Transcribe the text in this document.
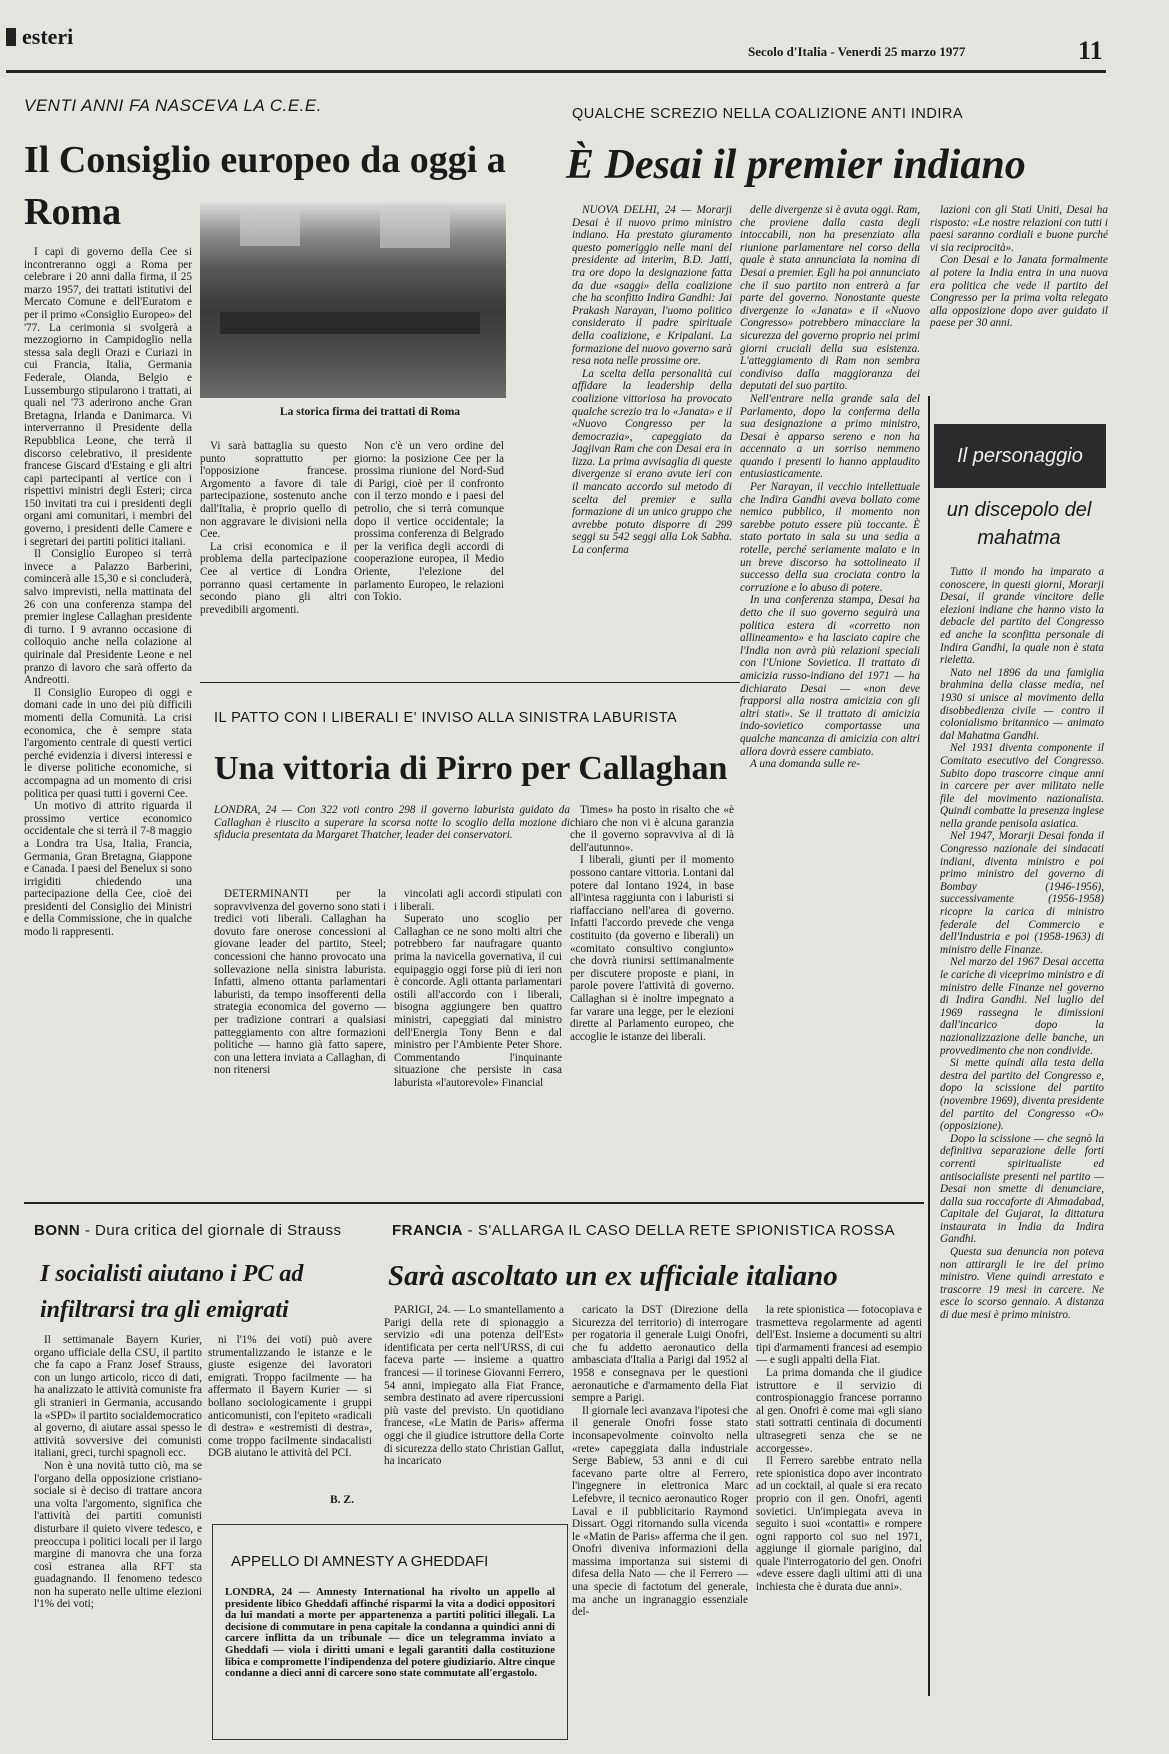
esteri
Secolo d'Italia - Venerdi 25 marzo 1977	11
VENTI ANNI FA NASCEVA LA C.E.E.
Il Consiglio europeo da oggi a Roma
La storica firma dei trattati di Roma

I capi di governo della Cee si incontreranno oggi a Roma per celebrare i 20 anni dalla firma, il 25 marzo 1957, dei trattati istitutivi del Mercato Comune e dell'Euratom e per il primo «Consiglio Europeo» del '77. La cerimonia si svolgerà a mezzogiorno in Campidoglio nella stessa sala degli Orazi e Curiazi in cui Francia, Italia, Germania Federale, Olanda, Belgio e Lussemburgo stipularono i trattati, ai quali nel '73 aderirono anche Gran Bretagna, Irlanda e Danimarca. Vi interverranno il Presidente della Repubblica Leone, che terrà il discorso celebrativo, il presidente francese Giscard d'Estaing e gli altri capi partecipanti al vertice con i rispettivi ministri degli Esteri; circa 150 invitati tra cui i presidenti degli organi ami comunitari, i membri del governo, i presidenti delle Camere e i segretari dei partiti politici italiani.

Il Consiglio Europeo si terrà invece a Palazzo Barberini, comincerà alle 15,30 e si concluderà, salvo imprevisti, nella mattinata del 26 con una conferenza stampa del premier inglese Callaghan presidente di turno. I 9 avranno occasione di colloquio anche nella colazione al quirinale dal Presidente Leone e nel pranzo di lavoro che sarà offerto da Andreotti.

Il Consiglio Europeo di oggi e domani cade in uno dei più difficili momenti della Comunità. La crisi economica, che è sempre stata l'argomento centrale di questi vertici perché evidenzia i diversi interessi e le diverse politiche economiche, si accompagna ad un momento di crisi politica per quasi tutti i governi Cee.

Un motivo di attrito riguarda il prossimo vertice economico occidentale che si terrà il 7-8 maggio a Londra tra Usa, Italia, Francia, Germania, Gran Bretagna, Giappone e Canada. I paesi del Benelux si sono irrigiditi chiedendo una partecipazione della Cee, cioè dei presidenti del Consiglio dei Ministri e della Commissione, che in qualche modo li rappresenti.

Vi sarà battaglia su questo punto soprattutto per l'opposizione francese. Argomento a favore di tale partecipazione, sostenuto anche dall'Italia, è proprio quello di non aggravare le divisioni nella Cee.

La crisi economica e il problema della partecipazione Cee al vertice di Londra porranno quasi certamente in secondo piano gli altri prevedibili argomenti.

Non c'è un vero ordine del giorno: la posizione Cee per la prossima riunione del Nord-Sud di Parigi, cioè per il confronto con il terzo mondo e i paesi del petrolio, che si terrà comunque dopo il vertice occidentale; la prossima conferenza di Belgrado per la verifica degli accordi di cooperazione europea, il Medio Oriente, l'elezione del parlamento Europeo, le relazioni con Tokio.

QUALCHE SCREZIO NELLA COALIZIONE ANTI INDIRA
È Desai il premier indiano

NUOVA DELHI, 24 — Morarji Desai è il nuovo primo ministro indiano. Ha prestato giuramento questo pomeriggio nelle mani del presidente ad interim, B.D. Jatti, tra ore dopo la designazione fatta da due «saggi» della coalizione che ha sconfitto Indira Gandhi: Jai Prakash Narayan, l'uomo politico considerato il padre spirituale della coalizione, e Kripalani. La formazione del nuovo governo sarà resa nota nelle prossime ore.

La scelta della personalità cui affidare la leadership della coalizione vittoriosa ha provocato qualche screzio tra lo «Janata» e il «Nuovo Congresso per la democrazia», capeggiato da Jagjivan Ram che con Desai era in lizza. La prima avvisaglia di queste divergenze si erano avute ieri con il mancato accordo sul metodo di scelta del premier e sulla formazione di un unico gruppo che avrebbe potuto disporre di 299 seggi su 542 seggi alla Lok Sabha. La conferma

delle divergenze si è avuta oggi. Ram, che proviene dalla casta degli intoccabili, non ha presenziato alla riunione parlamentare nel corso della quale è stata annunciata la nomina di Desai a premier. Egli ha poi annunciato che il suo partito non entrerà a far parte del governo. Nonostante queste divergenze lo «Janata» e il «Nuovo Congresso» potrebbero minacciare la sicurezza del governo proprio nei primi giorni cruciali della sua esistenza. L'atteggiamento di Ram non sembra condiviso dalla maggioranza dei deputati del suo partito.

Nell'entrare nella grande sala del Parlamento, dopo la conferma della sua designazione a primo ministro, Desai è apparso sereno e non ha accennato a un sorriso nemmeno quando i presenti lo hanno applaudito entusiasticamente.

Per Narayan, il vecchio intellettuale che Indira Gandhi aveva bollato come nemico pubblico, il momento non sarebbe potuto essere più toccante. È stato portato in sala su una sedia a rotelle, perché seriamente malato e in un breve discorso ha sottolineato il successo della sua crociata contro la corruzione e lo abuso di potere.

In una conferenza stampa, Desai ha detto che il suo governo seguirà una politica estera di «corretto non allineamento» e ha lasciato capire che l'India non avrà più relazioni speciali con l'Unione Sovietica. Il trattato di amicizia russo-indiano del 1971 — ha dichiarato Desai — «non deve frapporsi alla nostra amicizia con gli altri stati». Se il trattato di amicizia indo-sovietico comportasse una qualche mancanza di amicizia con altri allora dovrà essere cambiato.

A una domanda sulle re-

lazioni con gli Stati Uniti, Desai ha risposto: «Le nostre relazioni con tutti i paesi saranno cordiali e buone purché vi sia reciprocità».

Con Desai e lo Janata formalmente al potere la India entra in una nuova era politica che vede il partito del Congresso per la prima volta relegato alla opposizione dopo aver guidato il paese per 30 anni.

Il personaggio
un discepolo del mahatma

Tutto il mondo ha imparato a conoscere, in questi giorni, Morarji Desai, il grande vincitore delle elezioni indiane che hanno visto la debacle del partito del Congresso ed anche la sconfitta personale di Indira Gandhi, la quale non è stata rieletta.

Nato nel 1896 da una famiglia brahmina della classe media, nel 1930 si unisce al movimento della disobbedienza civile — contro il colonialismo britannico — animato dal Mahatma Gandhi.

Nel 1931 diventa componente il Comitato esecutivo del Congresso. Subito dopo trascorre cinque anni in carcere per aver militato nelle file del movimento nazionalista. Quindi combatte la presenza inglese nella grande penisola asiatica.

Nel 1947, Morarji Desai fonda il Congresso nazionale dei sindacati indiani, diventa ministro e poi primo ministro del governo di Bombay (1946-1956), successivamente (1956-1958) ricopre la carica di ministro federale del Commercio e dell'Industria e poi (1958-1963) di ministro delle Finanze.

Nel marzo del 1967 Desai accetta le cariche di viceprimo ministro e di ministro delle Finanze nel governo di Indira Gandhi. Nel luglio del 1969 rassegna le dimissioni dall'incarico dopo la nazionalizzazione delle banche, un provvedimento che non condivide.

Si mette quindi alla testa della destra del partito del Congresso e, dopo la scissione del partito (novembre 1969), diventa presidente del partito del Congresso «O» (opposizione).

Dopo la scissione — che segnò la definitiva separazione delle forti correnti spiritualiste ed antisocialiste presenti nel partito — Desai non smette di denunciare, dalla sua roccaforte di Ahmadabad, Capitale del Gujarat, la dittatura instaurata in India da Indira Gandhi.

Questa sua denuncia non poteva non attirargli le ire del primo ministro. Viene quindi arrestato e trascorre 19 mesi in carcere. Ne esce lo scorso gennaio. A distanza di due mesi è primo ministro.

IL PATTO CON I LIBERALI E' INVISO ALLA SINISTRA LABURISTA
Una vittoria di Pirro per Callaghan
LONDRA, 24 — Con 322 voti contro 298 il governo laburista guidato da Callaghan è riuscito a superare la scorsa notte lo scoglio della mozione di sfiducia presentata da Margaret Thatcher, leader dei conservatori.

DETERMINANTI per la sopravvivenza del governo sono stati i tredici voti liberali. Callaghan ha dovuto fare onerose concessioni al giovane leader del partito, Steel; concessioni che hanno provocato una sollevazione nella sinistra laburista. Infatti, almeno ottanta parlamentari laburisti, da tempo insofferenti della strategia economica del governo — per tradizione contrari a qualsiasi patteggiamento con altre formazioni politiche — hanno già fatto sapere, con una lettera inviata a Callaghan, di non ritenersi

vincolati agli accordi stipulati con i liberali.

Superato uno scoglio per Callaghan ce ne sono molti altri che potrebbero far naufragare quanto prima la navicella governativa, il cui equipaggio oggi forse più di ieri non è concorde. Agli ottanta parlamentari ostili all'accordo con i liberali, bisogna aggiungere ben quattro ministri, capeggiati dal ministro dell'Energia Tony Benn e dal ministro per l'Ambiente Peter Shore. Commentando l'inquinante situazione che persiste in casa laburista «l'autorevole» Financial

Times» ha posto in risalto che «è chiaro che non vi è alcuna garanzia che il governo sopravviva al di là dell'autunno».

I liberali, giunti per il momento possono cantare vittoria. Lontani dal potere dal lontano 1924, in base all'intesa raggiunta con i laburisti si riaffacciano nell'area di governo. Infatti l'accordo prevede che venga costituito (da governo e liberali) un «comitato consultivo congiunto» che dovrà riunirsi settimanalmente per discutere proposte e piani, in parole povere l'attività di governo. Callaghan si è inoltre impegnato a far varare una legge, per le elezioni dirette al Parlamento europeo, che accoglie le istanze dei liberali.

BONN - Dura critica del giornale di Strauss
I socialisti aiutano i PC ad infiltrarsi tra gli emigrati

Il settimanale Bayern Kurier, organo ufficiale della CSU, il partito che fa capo a Franz Josef Strauss, con un lungo articolo, ricco di dati, ha analizzato le attività comuniste fra gli stranieri in Germania, accusando la «SPD» il partito socialdemocratico al governo, di aiutare assai spesso le attività sovversive dei comunisti italiani, greci, turchi spagnoli ecc.

Non è una novità tutto ciò, ma se l'organo della opposizione cristiano-sociale si è deciso di trattare ancora una volta l'argomento, significa che l'attività dei partiti comunisti disturbare il quieto vivere tedesco, e preoccupa i politici locali per il largo margine di manovra che una forza così estranea alla RFT sta guadagnando. Il fenomeno tedesco non ha superato nelle ultime elezioni l'1% dei voti;

ni l'1% dei voti) può avere strumentalizzando le istanze e le giuste esigenze dei lavoratori emigrati. Troppo facilmente — ha affermato il Bayern Kurier — si bollano sociologicamente i gruppi anticomunisti, con l'epiteto «radicali di destra» e «estremisti di destra», come troppo facilmente sindacalisti DGB aiutano le attività del PCI.

B. Z.
APPELLO DI AMNESTY A GHEDDAFI
LONDRA, 24 — Amnesty International ha rivolto un appello al presidente libico Gheddafi affinché risparmi la vita a dodici oppositori da lui mandati a morte per appartenenza a partiti politici illegali. La decisione di commutare in pena capitale la condanna a quindici anni di carcere inflitta da un tribunale — dice un telegramma inviato a Gheddafi — viola i diritti umani e legali garantiti dalla costituzione libica e compromette l'indipendenza del potere giudiziario. Altre cinque condanne a dieci anni di carcere sono state commutate all'ergastolo.
FRANCIA - S'ALLARGA IL CASO DELLA RETE SPIONISTICA ROSSA
Sarà ascoltato un ex ufficiale italiano

PARIGI, 24. — Lo smantellamento a Parigi della rete di spionaggio a servizio «di una potenza dell'Est» identificata per certa nell'URSS, di cui faceva parte — insieme a quattro francesi — il torinese Giovanni Ferrero, 54 anni, impiegato alla Fiat France, sembra destinato ad avere ripercussioni più vaste del previsto. Un quotidiano francese, «Le Matin de Paris» afferma oggi che il giudice istruttore della Corte di sicurezza dello stato Christian Gallut, ha incaricato

caricato la DST (Direzione della Sicurezza del territorio) di interrogare per rogatoria il generale Luigi Onofri, che fu addetto aeronautico della ambasciata d'Italia a Parigi dal 1952 al 1958 e consegnava per le questioni aeronautiche e d'armamento della Fiat sempre a Parigi.

Il giornale leci avanzava l'ipotesi che il generale Onofri fosse stato inconsapevolmente coinvolto nella «rete» capeggiata dalla industriale Serge Babiew, 53 anni e di cui facevano parte oltre al Ferrero, l'ingegnere in elettronica Marc Lefebvre, il tecnico aeronautico Roger Laval e il pubblicitario Raymond Dissart. Oggi ritornando sulla vicenda le «Matin de Paris» afferma che il gen. Onofri diveniva informazioni della massima importanza sui sistemi di difesa della Nato — che il Ferrero — una specie di factotum del generale, ma anche un ingranaggio essenziale del-

la rete spionistica — fotocopiava e trasmetteva regolarmente ad agenti dell'Est. Insieme a documenti su altri tipi d'armamenti francesi ad esempio — e sugli appalti della Fiat.

La prima domanda che il giudice istruttore e il servizio di controspionaggio francese porranno al gen. Onofri è come mai «gli siano stati sottratti centinaia di documenti ultrasegreti senza che se ne accorgesse».

Il Ferrero sarebbe entrato nella rete spionistica dopo aver incontrato ad un cocktail, al quale si era recato proprio con il gen. Onofri, agenti sovietici. Un'impiegata aveva in seguito i suoi «contatti» e rompere ogni rapporto col suo nel 1971, aggiunge il giornale parigino, dal quale l'interrogatorio del gen. Onofri «deve essere dagli ultimi atti di una inchiesta che è durata due anni».
